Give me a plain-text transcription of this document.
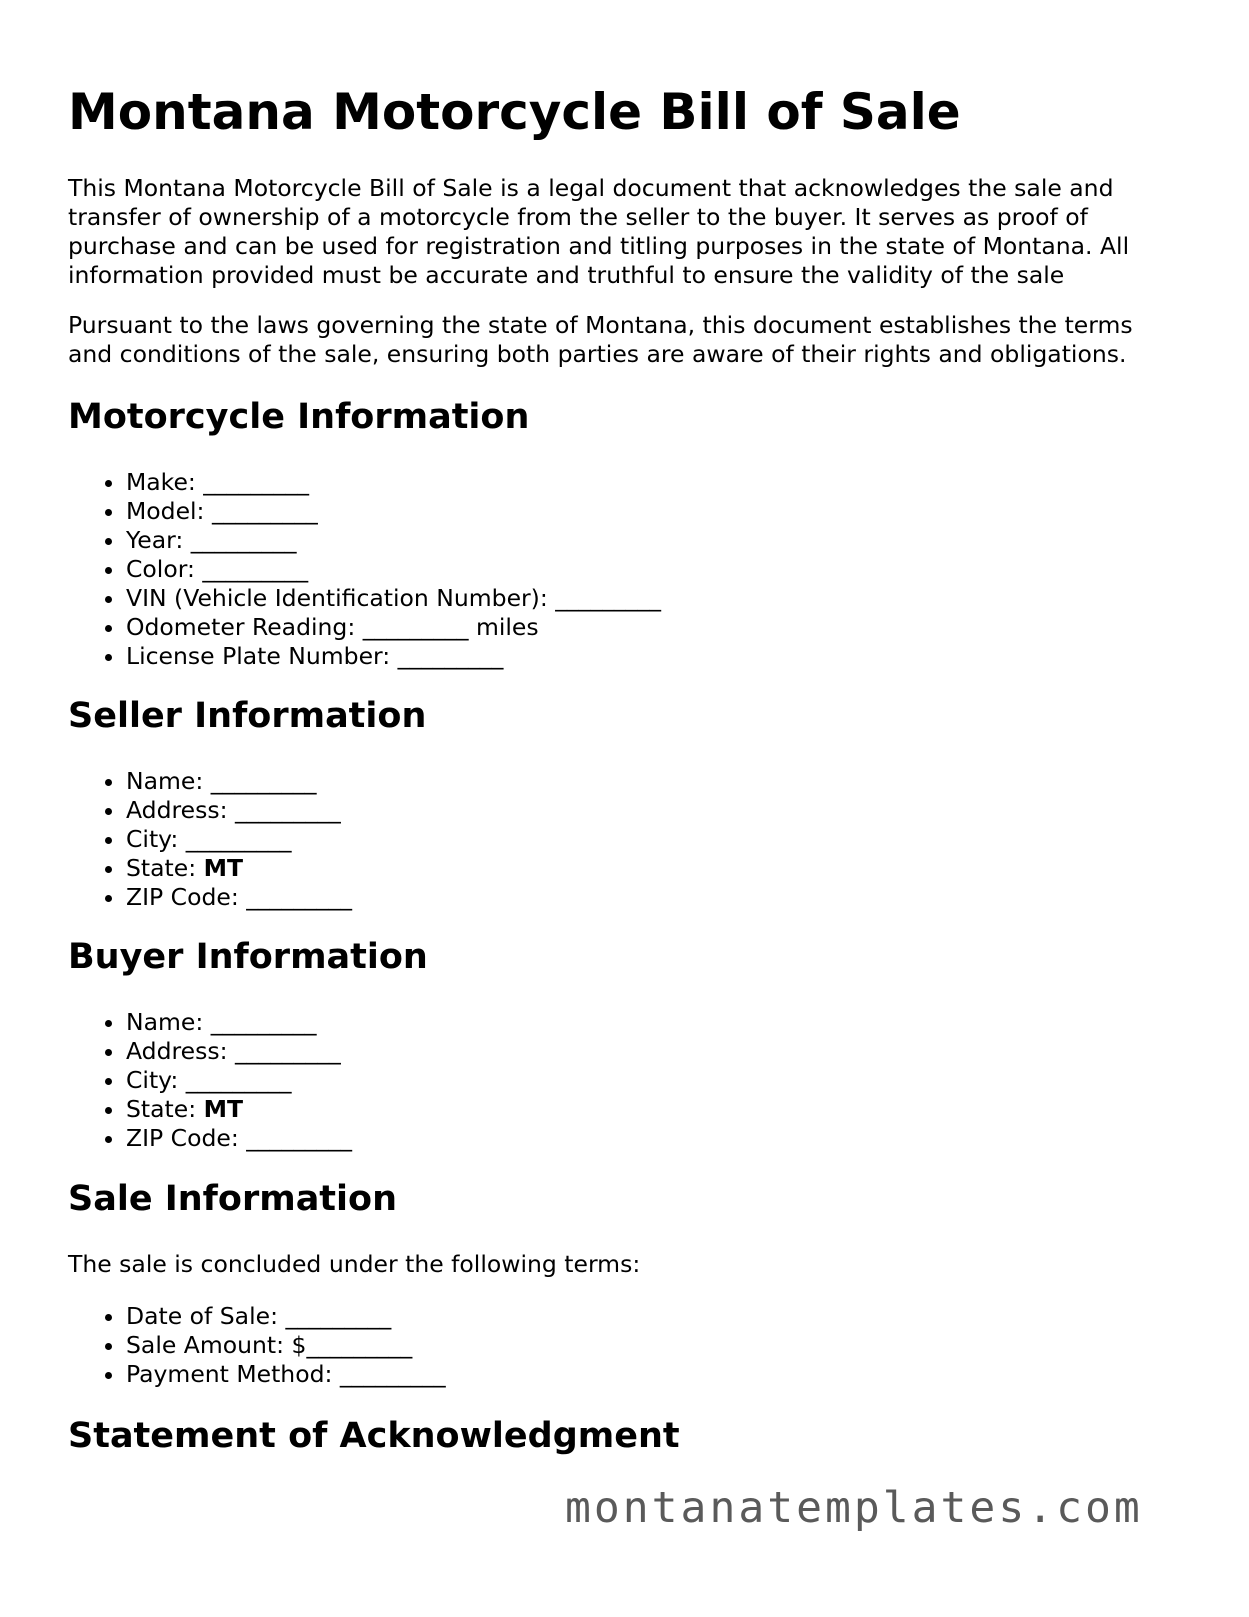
Montana Motorcycle Bill of Sale

This Montana Motorcycle Bill of Sale is a legal document that acknowledges the sale and transfer of ownership of a motorcycle from the seller to the buyer. It serves as proof of purchase and can be used for registration and titling purposes in the state of Montana. All information provided must be accurate and truthful to ensure the validity of the sale

Pursuant to the laws governing the state of Montana, this document establishes the terms and conditions of the sale, ensuring both parties are aware of their rights and obligations.

Motorcycle Information
• Make: _________
• Model: _________
• Year: _________
• Color: _________
• VIN (Vehicle Identification Number): _________
• Odometer Reading: _________ miles
• License Plate Number: _________
Seller Information
• Name: _________
• Address: _________
• City: _________
• State: MT
• ZIP Code: _________
Buyer Information
• Name: _________
• Address: _________
• City: _________
• State: MT
• ZIP Code: _________
Sale Information

The sale is concluded under the following terms:

• Date of Sale: _________
• Sale Amount: $_________
• Payment Method: _________
Statement of Acknowledgment
montanatemplates.com
